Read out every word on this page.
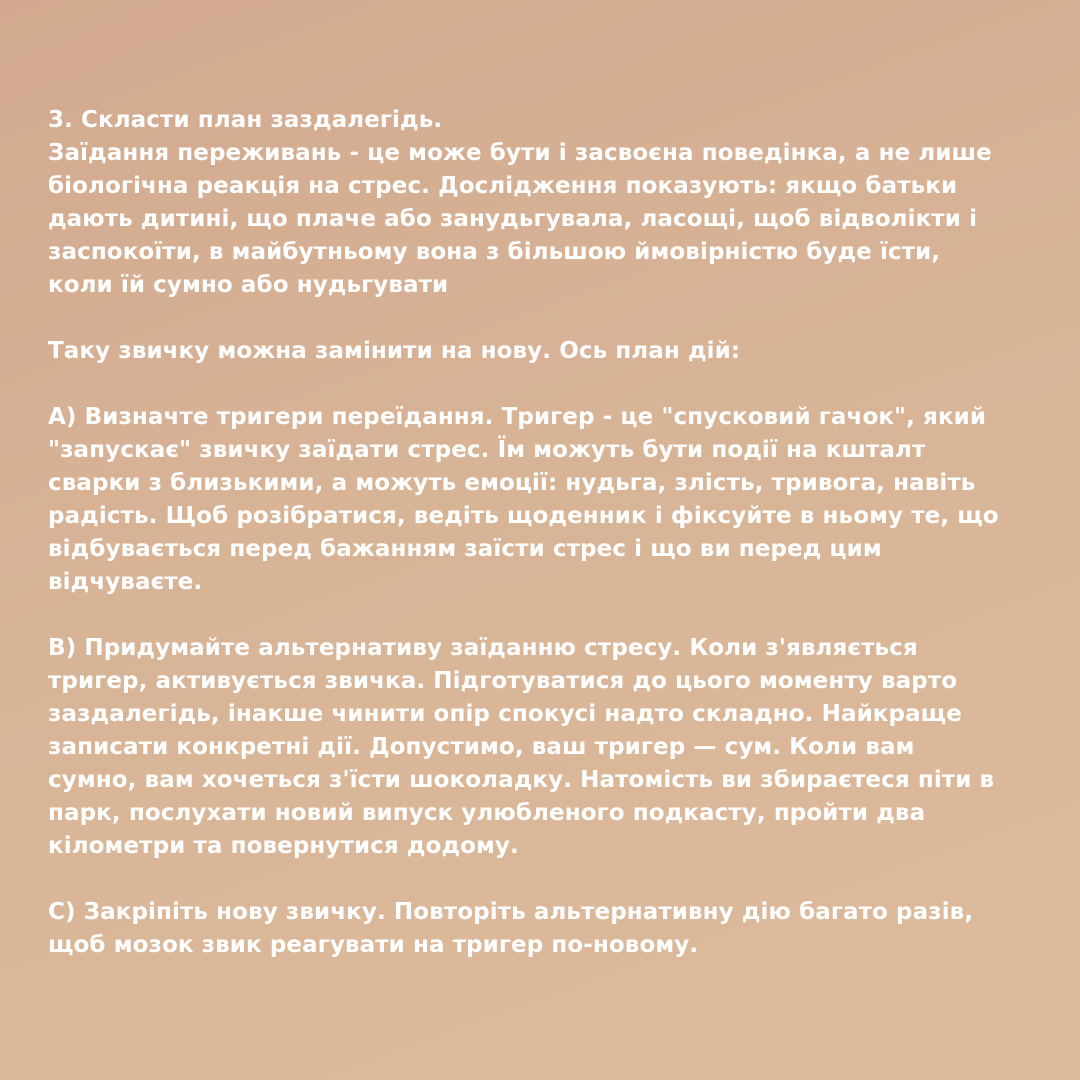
3. Скласти план заздалегідь.
Заїдання переживань - це може бути і засвоєна поведінка, а не лише
біологічна реакція на стрес. Дослідження показують: якщо батьки
дають дитині, що плаче або занудьгувала, ласощі, щоб відволікти і
заспокоїти, в майбутньому вона з більшою ймовірністю буде їсти,
коли їй сумно або нудьгувати
Таку звичку можна замінити на нову. Ось план дій:
A) Визначте тригери переїдання. Тригер - це "спусковий гачок", який
"запускає" звичку заїдати стрес. Їм можуть бути події на кшталт
сварки з близькими, а можуть емоції: нудьга, злість, тривога, навіть
радість. Щоб розібратися, ведіть щоденник і фіксуйте в ньому те, що
відбувається перед бажанням заїсти стрес і що ви перед цим
відчуваєте.
B) Придумайте альтернативу заїданню стресу. Коли з'являється
тригер, активується звичка. Підготуватися до цього моменту варто
заздалегідь, інакше чинити опір спокусі надто складно. Найкраще
записати конкретні дії. Допустимо, ваш тригер — сум. Коли вам
сумно, вам хочеться з'їсти шоколадку. Натомість ви збираєтеся піти в
парк, послухати новий випуск улюбленого подкасту, пройти два
кілометри та повернутися додому.
C) Закріпіть нову звичку. Повторіть альтернативну дію багато разів,
щоб мозок звик реагувати на тригер по-новому.
